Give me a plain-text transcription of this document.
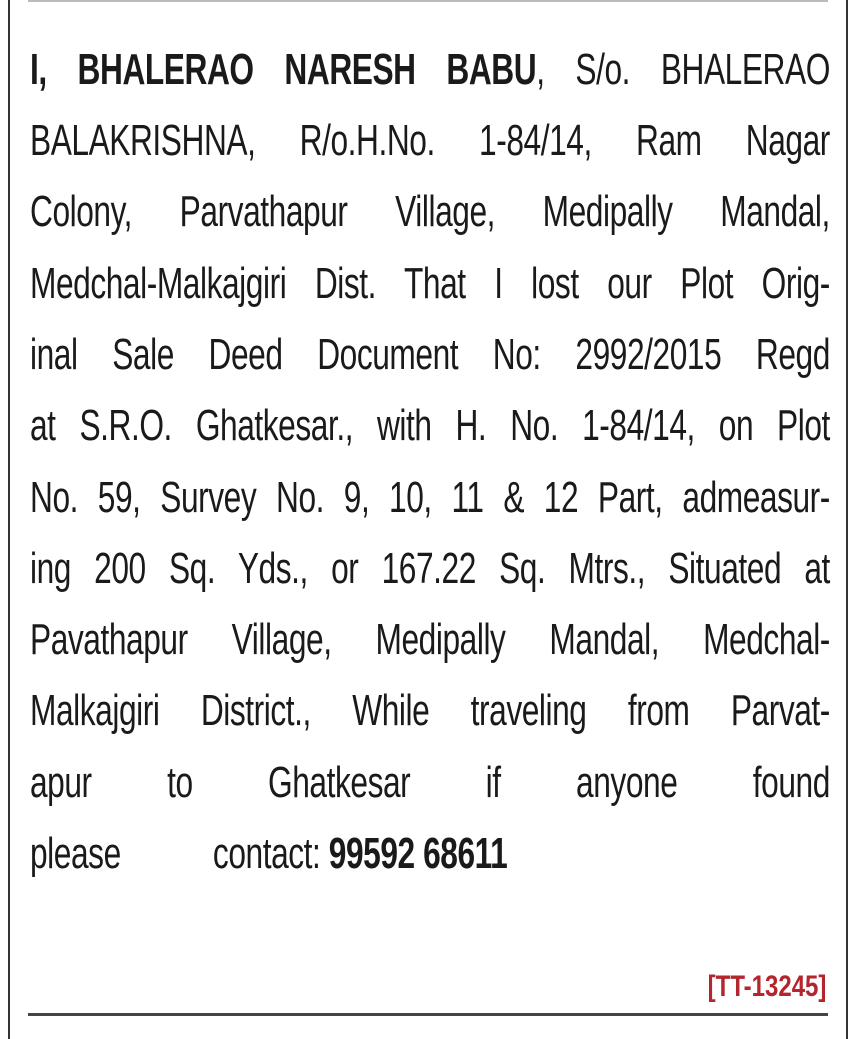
I, BHALERAO NARESH BABU, S/o. BHALERAO
BALAKRISHNA, R/o.H.No. 1-84/14, Ram Nagar
Colony, Parvathapur Village, Medipally Mandal,
Medchal-Malkajgiri Dist. That I lost our Plot Orig-
inal Sale Deed Document No: 2992/2015 Regd
at S.R.O. Ghatkesar., with H. No. 1-84/14, on Plot
No. 59, Survey No. 9, 10, 11 & 12 Part, admeasur-
ing 200 Sq. Yds., or 167.22 Sq. Mtrs., Situated at
Pavathapur Village, Medipally Mandal, Medchal-
Malkajgiri District., While traveling from Parvat-
apur to Ghatkesar if anyone found
please contact: 99592 68611
[TT-13245]
